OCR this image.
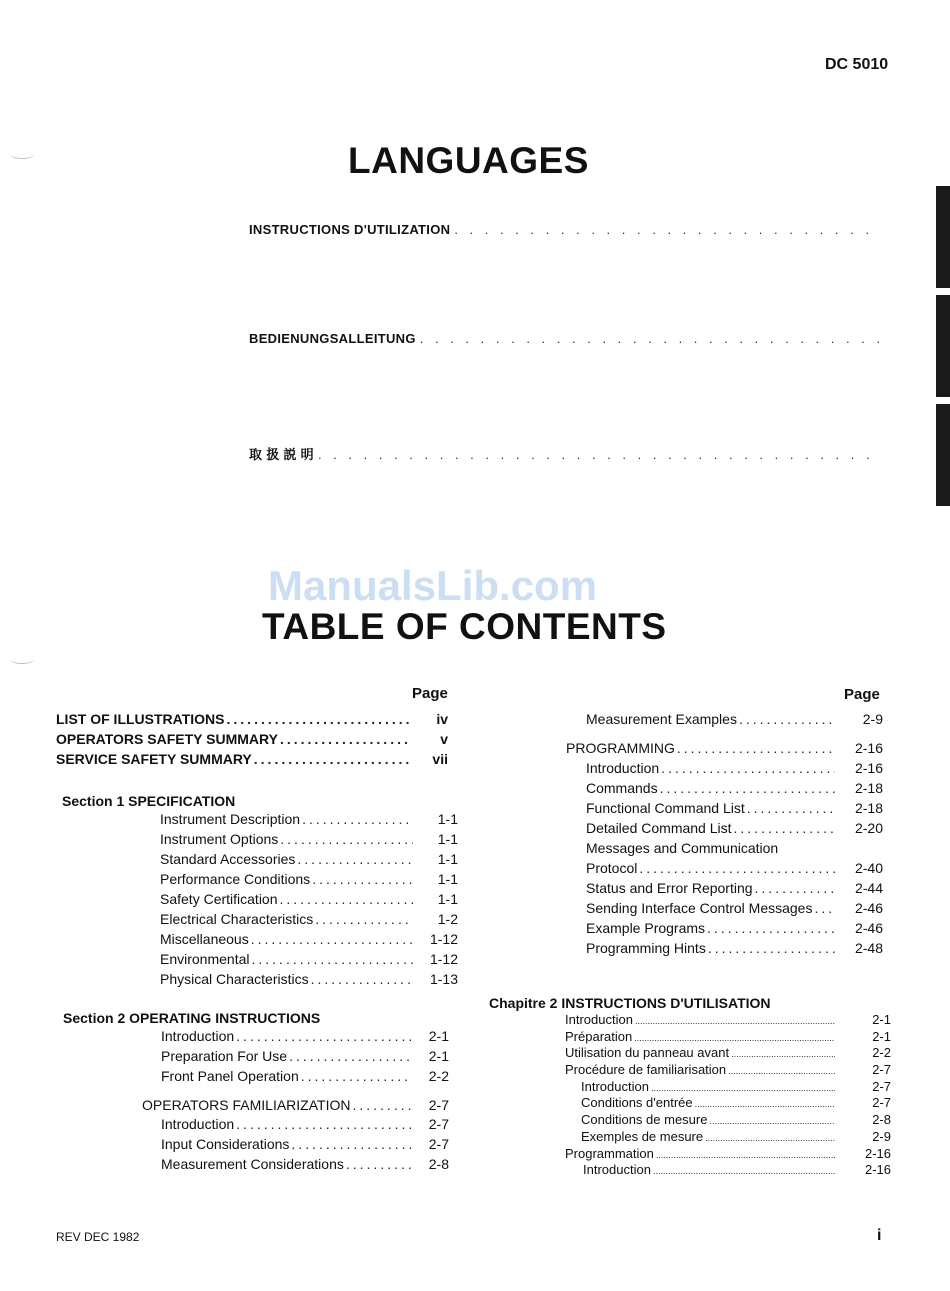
DC 5010
LANGUAGES
INSTRUCTIONS D'UTILIZATION
. . .
BEDIENUNGSALLEITUNG
. . .
取 扱 説 明
. . .
ManualsLib.com
TABLE OF CONTENTS
Page	Page
LIST OF ILLUSTRATIONS .....	iv
OPERATORS SAFETY SUMMARY .....	v
SERVICE SAFETY SUMMARY .....	vii
Section 1 SPECIFICATION
Instrument Description .....	1-1
Instrument Options .....	1-1
Standard Accessories .....	1-1
Performance Conditions .....	1-1
Safety Certification .....	1-1
Electrical Characteristics .....	1-2
Miscellaneous .....	1-12
Environmental .....	1-12
Physical Characteristics .....	1-13
Section 2 OPERATING INSTRUCTIONS
Introduction .....	2-1
Preparation For Use .....	2-1
Front Panel Operation .....	2-2
OPERATORS FAMILIARIZATION .....	2-7
Introduction .....	2-7
Input Considerations .....	2-7
Measurement Considerations .....	2-8
Measurement Examples .....	2-9
PROGRAMMING .....	2-16
Introduction .....	2-16
Commands .....	2-18
Functional Command List .....	2-18
Detailed Command List .....	2-20
Messages and Communication
Protocol .....	2-40
Status and Error Reporting .....	2-44
Sending Interface Control Messages .....	2-46
Example Programs .....	2-46
Programming Hints .....	2-48
Chapitre 2 INSTRUCTIONS D'UTILISATION
Introduction .....	2-1
Préparation .....	2-1
Utilisation du panneau avant .....	2-2
Procédure de familiarisation .....	2-7
Introduction .....	2-7
Conditions d'entrée .....	2-7
Conditions de mesure .....	2-8
Exemples de mesure .....	2-9
Programmation .....	2-16
Introduction .....	2-16
REV DEC 1982	i
